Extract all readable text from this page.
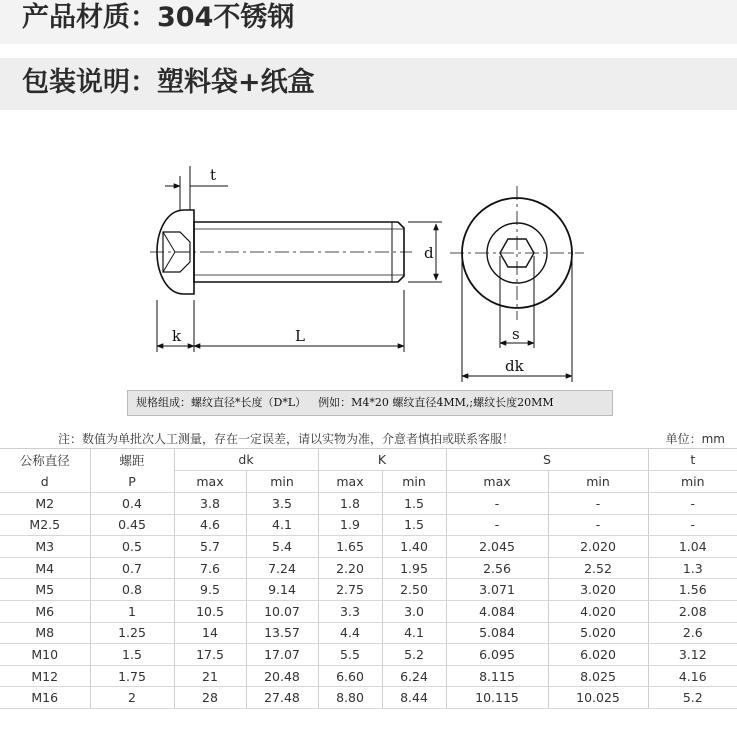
产品材质：304不锈钢
包装说明：塑料袋+纸盒
t
k	L
d
s
dk
规格组成：螺纹直径*长度（D*L） 例如：M4*20 螺纹直径4MM,;螺纹长度20MM
注：数值为单批次人工测量，存在一定误差，请以实物为准，介意者慎拍或联系客服！	单位：mm
公称直径	螺距	dk		K		S		t
d	P	max	min	max	min	max	min	min
M2	0.4	3.8	3.5	1.8	1.5	-	-	-
M2.5	0.45	4.6	4.1	1.9	1.5	-	-	-
M3	0.5	5.7	5.4	1.65	1.40	2.045	2.020	1.04
M4	0.7	7.6	7.24	2.20	1.95	2.56	2.52	1.3
M5	0.8	9.5	9.14	2.75	2.50	3.071	3.020	1.56
M6	1	10.5	10.07	3.3	3.0	4.084	4.020	2.08
M8	1.25	14	13.57	4.4	4.1	5.084	5.020	2.6
M10	1.5	17.5	17.07	5.5	5.2	6.095	6.020	3.12
M12	1.75	21	20.48	6.60	6.24	8.115	8.025	4.16
M16	2	28	27.48	8.80	8.44	10.115	10.025	5.2
